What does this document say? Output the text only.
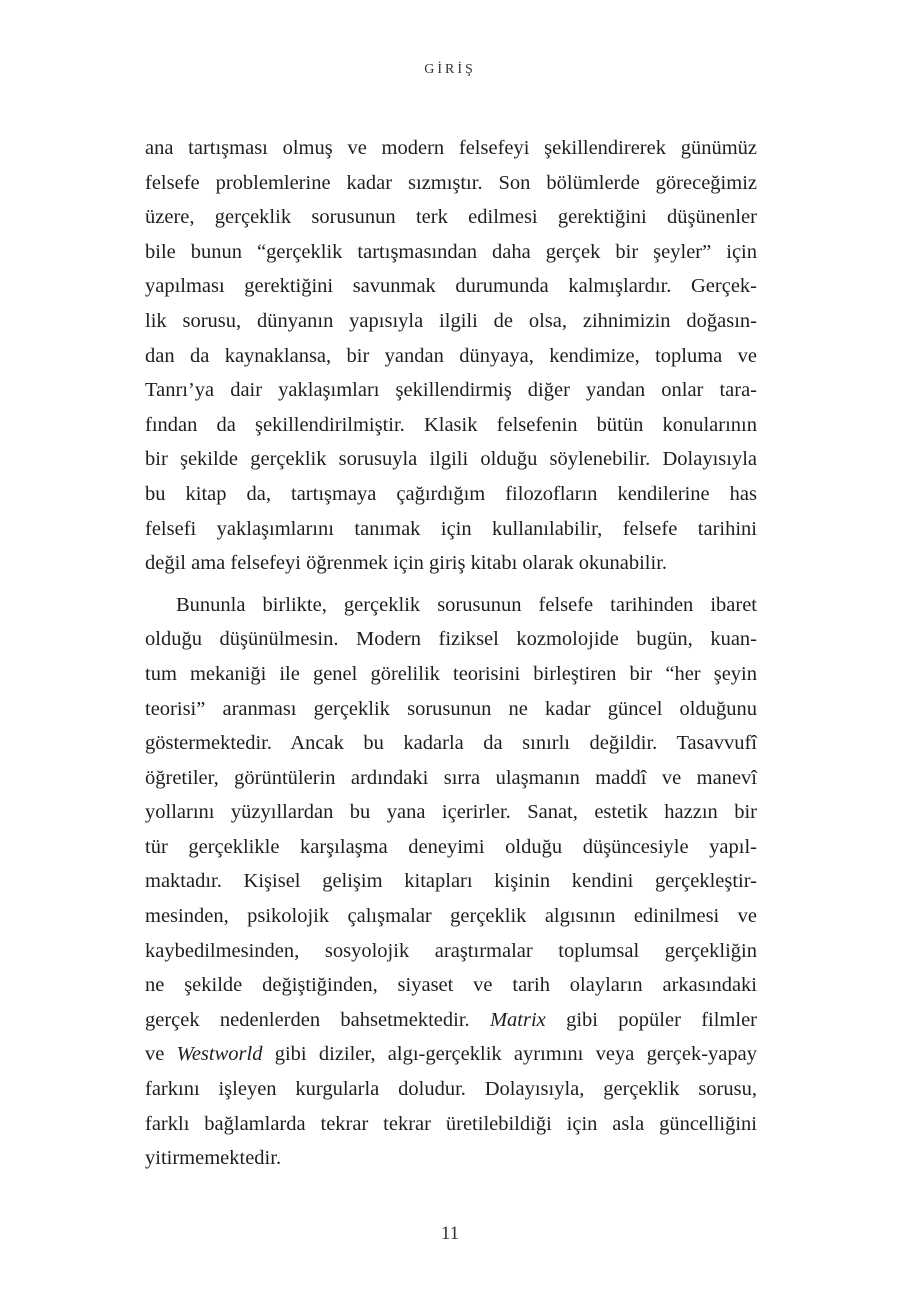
GİRİŞ
ana tartışması olmuş ve modern felsefeyi şekillendirerek günümüz
felsefe problemlerine kadar sızmıştır. Son bölümlerde göreceğimiz
üzere, gerçeklik sorusunun terk edilmesi gerektiğini düşünenler
bile bunun “gerçeklik tartışmasından daha gerçek bir şeyler” için
yapılması gerektiğini savunmak durumunda kalmışlardır. Gerçek-
lik sorusu, dünyanın yapısıyla ilgili de olsa, zihnimizin doğasın-
dan da kaynaklansa, bir yandan dünyaya, kendimize, topluma ve
Tanrı’ya dair yaklaşımları şekillendirmiş diğer yandan onlar tara-
fından da şekillendirilmiştir. Klasik felsefenin bütün konularının
bir şekilde gerçeklik sorusuyla ilgili olduğu söylenebilir. Dolayısıyla
bu kitap da, tartışmaya çağırdığım filozofların kendilerine has
felsefi yaklaşımlarını tanımak için kullanılabilir, felsefe tarihini
değil ama felsefeyi öğrenmek için giriş kitabı olarak okunabilir.
Bununla birlikte, gerçeklik sorusunun felsefe tarihinden ibaret
olduğu düşünülmesin. Modern fiziksel kozmolojide bugün, kuan-
tum mekaniği ile genel görelilik teorisini birleştiren bir “her şeyin
teorisi” aranması gerçeklik sorusunun ne kadar güncel olduğunu
göstermektedir. Ancak bu kadarla da sınırlı değildir. Tasavvufî
öğretiler, görüntülerin ardındaki sırra ulaşmanın maddî ve manevî
yollarını yüzyıllardan bu yana içerirler. Sanat, estetik hazzın bir
tür gerçeklikle karşılaşma deneyimi olduğu düşüncesiyle yapıl-
maktadır. Kişisel gelişim kitapları kişinin kendini gerçekleştir-
mesinden, psikolojik çalışmalar gerçeklik algısının edinilmesi ve
kaybedilmesinden, sosyolojik araştırmalar toplumsal gerçekliğin
ne şekilde değiştiğinden, siyaset ve tarih olayların arkasındaki
gerçek nedenlerden bahsetmektedir. Matrix gibi popüler filmler
ve Westworld gibi diziler, algı-gerçeklik ayrımını veya gerçek-yapay
farkını işleyen kurgularla doludur. Dolayısıyla, gerçeklik sorusu,
farklı bağlamlarda tekrar tekrar üretilebildiği için asla güncelliğini
yitirmemektedir.
11
